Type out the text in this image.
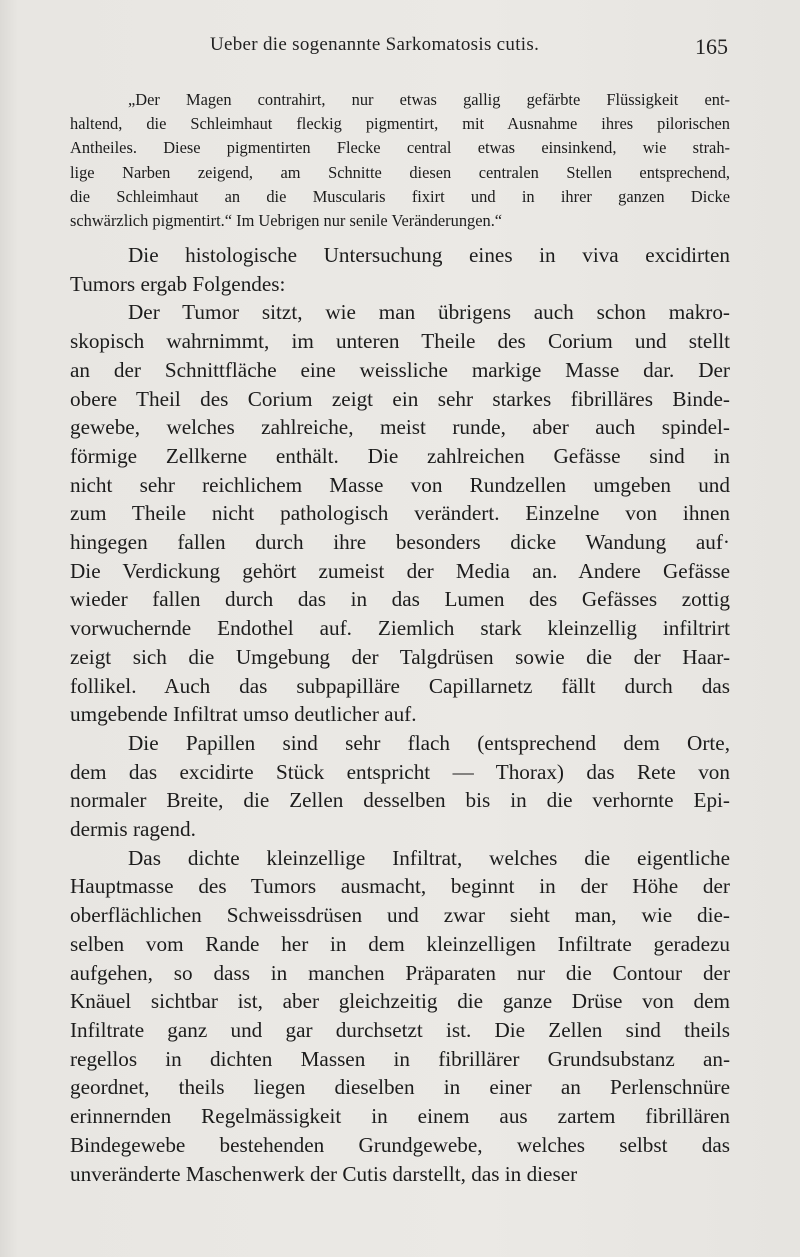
Ueber die sogenannte Sarkomatosis cutis.	165
„Der Magen contrahirt, nur etwas gallig gefärbte Flüssigkeit ent-
haltend, die Schleimhaut fleckig pigmentirt, mit Ausnahme ihres pilorischen
Antheiles. Diese pigmentirten Flecke central etwas einsinkend, wie strah-
lige Narben zeigend, am Schnitte diesen centralen Stellen entsprechend,
die Schleimhaut an die Muscularis fixirt und in ihrer ganzen Dicke
schwärzlich pigmentirt.“ Im Uebrigen nur senile Veränderungen.“
Die histologische Untersuchung eines in viva excidirten
Tumors ergab Folgendes:
Der Tumor sitzt, wie man übrigens auch schon makro-
skopisch wahrnimmt, im unteren Theile des Corium und stellt
an der Schnittfläche eine weissliche markige Masse dar. Der
obere Theil des Corium zeigt ein sehr starkes fibrilläres Binde-
gewebe, welches zahlreiche, meist runde, aber auch spindel-
förmige Zellkerne enthält. Die zahlreichen Gefässe sind in
nicht sehr reichlichem Masse von Rundzellen umgeben und
zum Theile nicht pathologisch verändert. Einzelne von ihnen
hingegen fallen durch ihre besonders dicke Wandung auf·
Die Verdickung gehört zumeist der Media an. Andere Gefässe
wieder fallen durch das in das Lumen des Gefässes zottig
vorwuchernde Endothel auf. Ziemlich stark kleinzellig infiltrirt
zeigt sich die Umgebung der Talgdrüsen sowie die der Haar-
follikel. Auch das subpapilläre Capillarnetz fällt durch das
umgebende Infiltrat umso deutlicher auf.
Die Papillen sind sehr flach (entsprechend dem Orte,
dem das excidirte Stück entspricht — Thorax) das Rete von
normaler Breite, die Zellen desselben bis in die verhornte Epi-
dermis ragend.
Das dichte kleinzellige Infiltrat, welches die eigentliche
Hauptmasse des Tumors ausmacht, beginnt in der Höhe der
oberflächlichen Schweissdrüsen und zwar sieht man, wie die-
selben vom Rande her in dem kleinzelligen Infiltrate geradezu
aufgehen, so dass in manchen Präparaten nur die Contour der
Knäuel sichtbar ist, aber gleichzeitig die ganze Drüse von dem
Infiltrate ganz und gar durchsetzt ist. Die Zellen sind theils
regellos in dichten Massen in fibrillärer Grundsubstanz an-
geordnet, theils liegen dieselben in einer an Perlenschnüre
erinnernden Regelmässigkeit in einem aus zartem fibrillären
Bindegewebe bestehenden Grundgewebe, welches selbst das
unveränderte Maschenwerk der Cutis darstellt, das in dieser
